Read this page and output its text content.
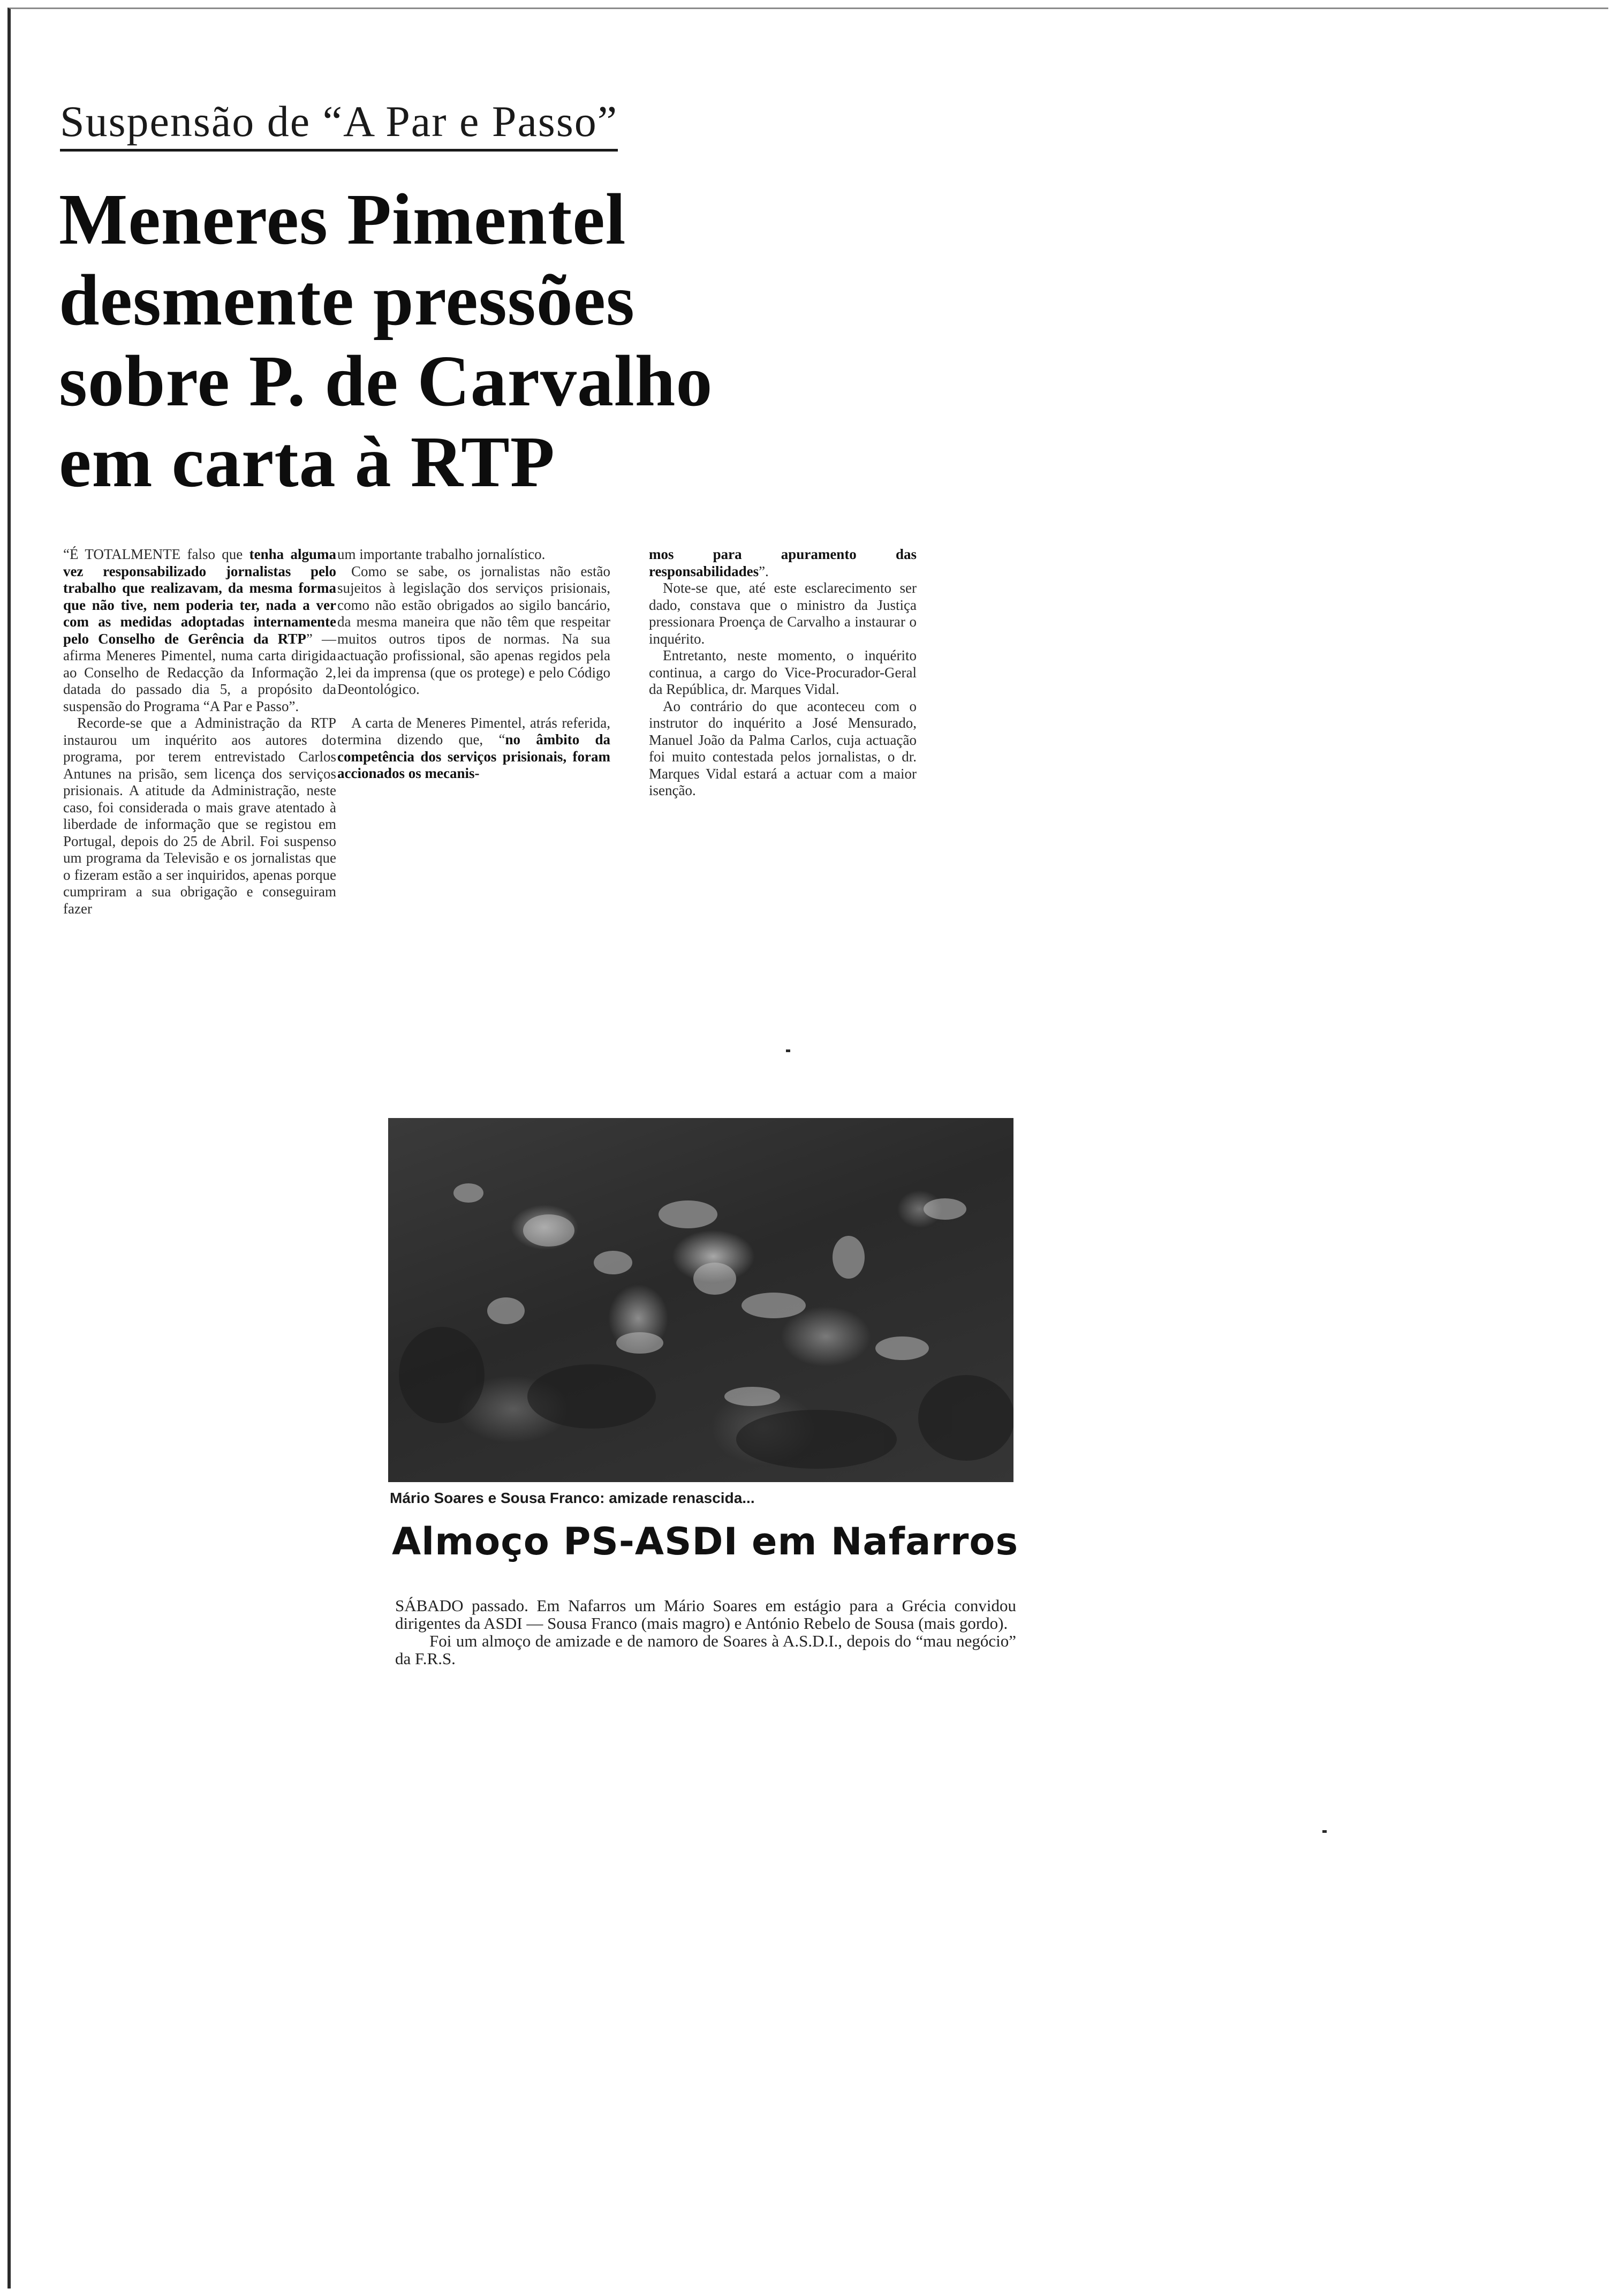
Suspensão de “A Par e Passo”
Meneres Pimentel
desmente pressões
sobre P. de Carvalho
em carta à RTP

“É TOTALMENTE falso que tenha alguma vez responsabilizado jornalistas pelo trabalho que realizavam, da mesma forma que não tive, nem poderia ter, nada a ver com as medidas adoptadas internamente pelo Conselho de Gerência da RTP” — afirma Meneres Pimentel, numa carta dirigida ao Conselho de Redacção da Informação 2, datada do passado dia 5, a propósito da suspensão do Programa “A Par e Passo”.

Recorde-se que a Administração da RTP instaurou um inquérito aos autores do programa, por terem entrevistado Carlos Antunes na prisão, sem licença dos serviços prisionais. A atitude da Administração, neste caso, foi considerada o mais grave atentado à liberdade de informação que se registou em Portugal, depois do 25 de Abril. Foi suspenso um programa da Televisão e os jornalistas que o fizeram estão a ser inquiridos, apenas porque cumpriram a sua obrigação e conseguiram fazer

um importante trabalho jornalístico.

Como se sabe, os jornalistas não estão sujeitos à legislação dos serviços prisionais, como não estão obrigados ao sigilo bancário, da mesma maneira que não têm que respeitar muitos outros tipos de normas. Na sua actuação profissional, são apenas regidos pela lei da imprensa (que os protege) e pelo Código Deontológico.

A carta de Meneres Pimentel, atrás referida, termina dizendo que, “no âmbito da competência dos serviços prisionais, foram accionados os mecanis-

mos para apuramento das responsabilidades”.

Note-se que, até este esclarecimento ser dado, constava que o ministro da Justiça pressionara Proença de Carvalho a instaurar o inquérito.

Entretanto, neste momento, o inquérito continua, a cargo do Vice-Procurador-Geral da República, dr. Marques Vidal.

Ao contrário do que aconteceu com o instrutor do inquérito a José Mensurado, Manuel João da Palma Carlos, cuja actuação foi muito contestada pelos jornalistas, o dr. Marques Vidal estará a actuar com a maior isenção.

Mário Soares e Sousa Franco: amizade renascida...
Almoço PS-ASDI em Nafarros

SÁBADO passado. Em Nafarros um Mário Soares em estágio para a Grécia convidou dirigentes da ASDI — Sousa Franco (mais magro) e António Rebelo de Sousa (mais gordo).

Foi um almoço de amizade e de namoro de Soares à A.S.D.I., depois do “mau negócio” da F.R.S.
